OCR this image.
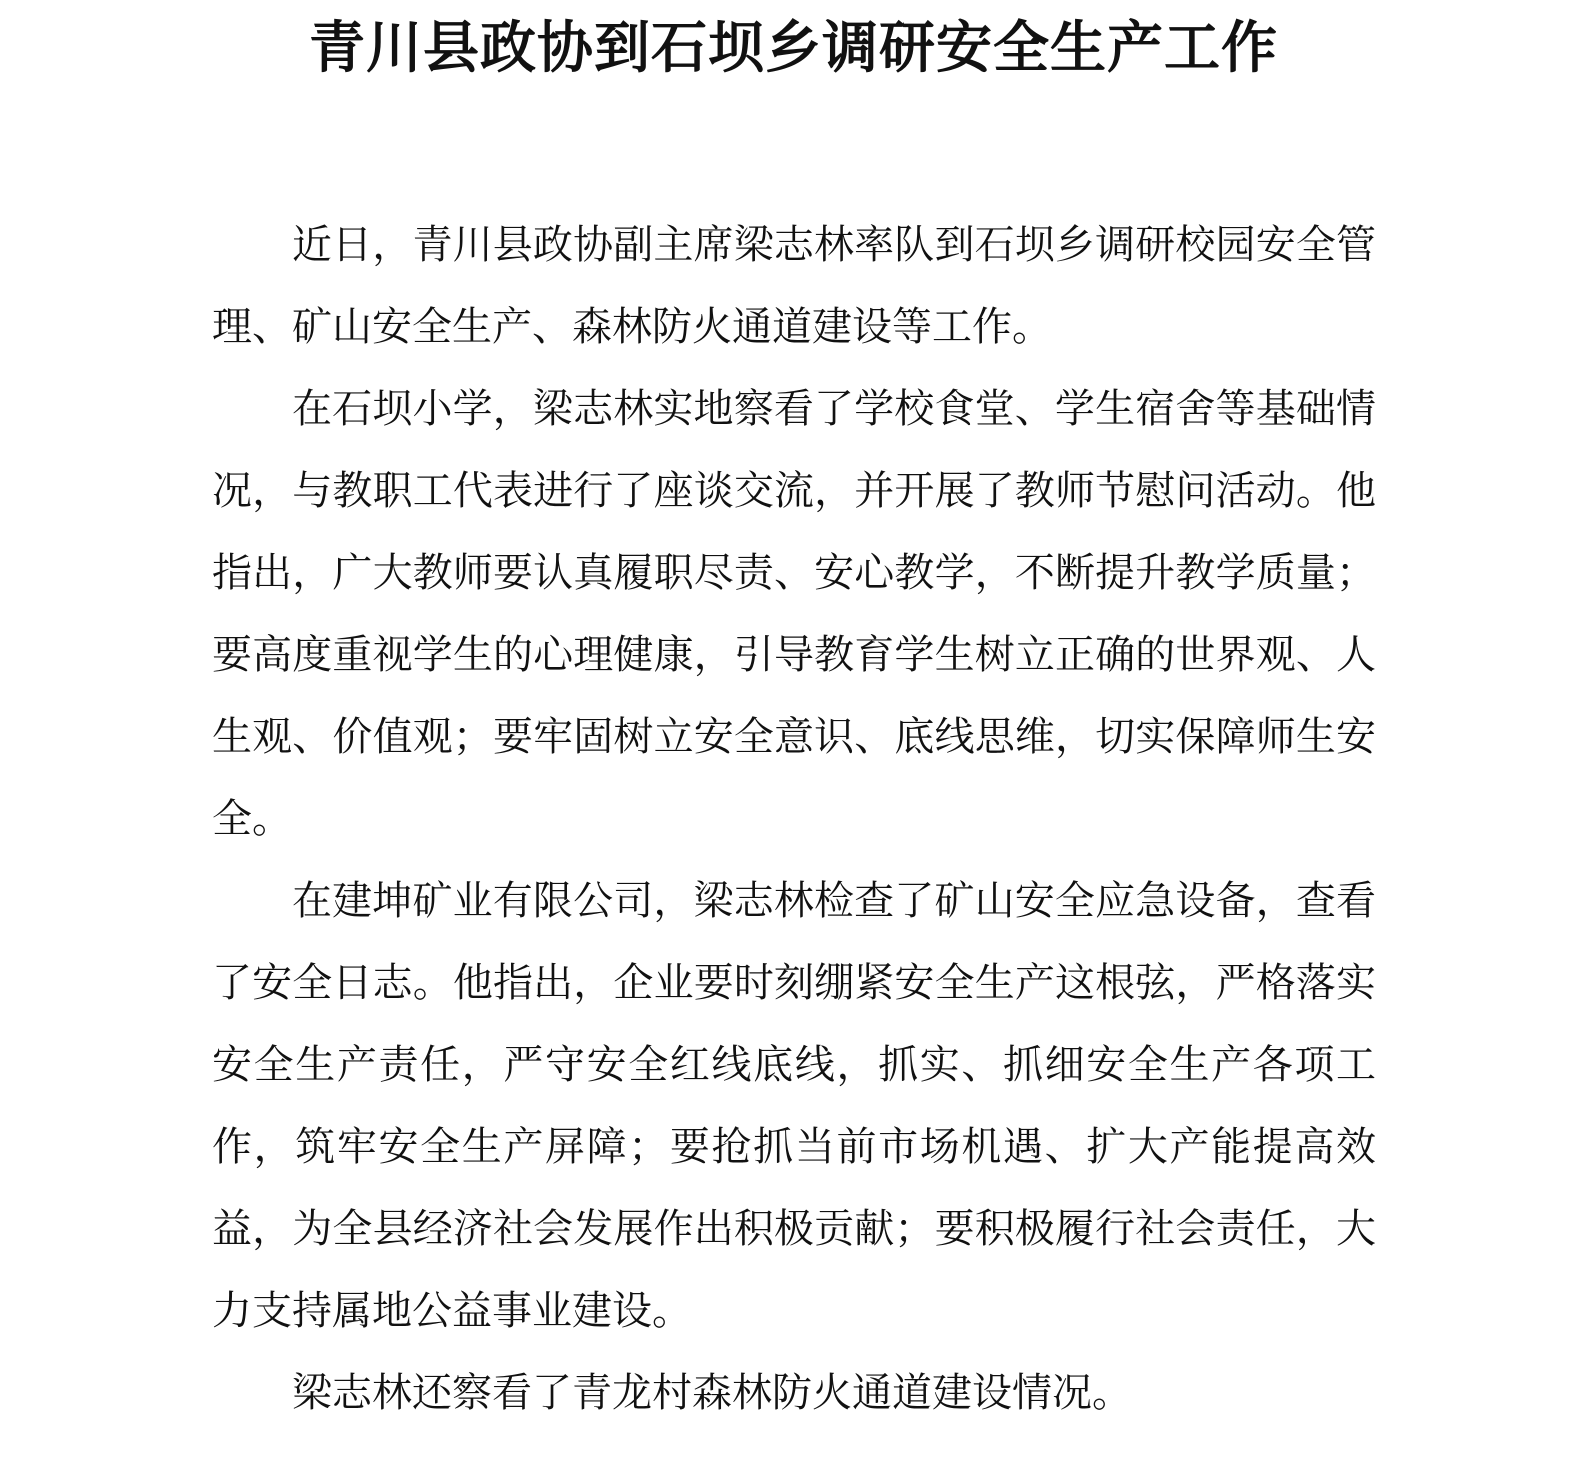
青川县政协到石坝乡调研安全生产工作

近日，青川县政协副主席梁志林率队到石坝乡调研校园安全管理、矿山安全生产、森林防火通道建设等工作。

在石坝小学，梁志林实地察看了学校食堂、学生宿舍等基础情况，与教职工代表进行了座谈交流，并开展了教师节慰问活动。他指出，广大教师要认真履职尽责、安心教学，不断提升教学质量；要高度重视学生的心理健康，引导教育学生树立正确的世界观、人生观、价值观；要牢固树立安全意识、底线思维，切实保障师生安全。

在建坤矿业有限公司，梁志林检查了矿山安全应急设备，查看了安全日志。他指出，企业要时刻绷紧安全生产这根弦，严格落实安全生产责任，严守安全红线底线，抓实、抓细安全生产各项工作，筑牢安全生产屏障；要抢抓当前市场机遇、扩大产能提高效益，为全县经济社会发展作出积极贡献；要积极履行社会责任，大力支持属地公益事业建设。

梁志林还察看了青龙村森林防火通道建设情况。
